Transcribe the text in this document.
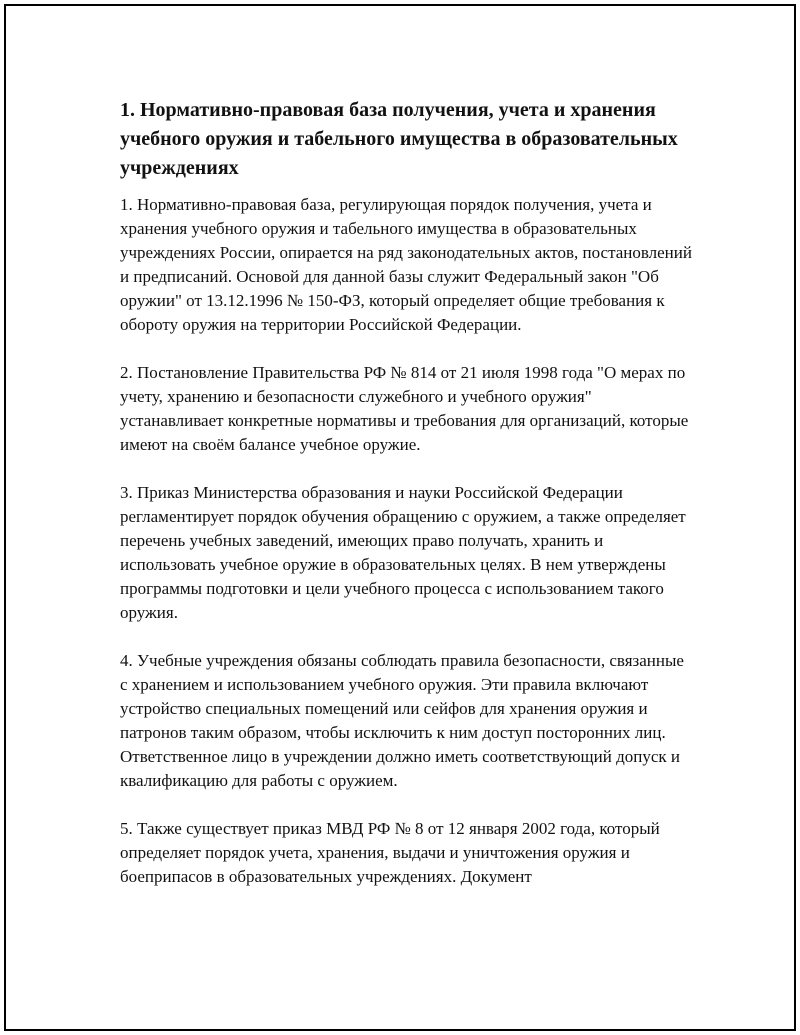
1. Нормативно-правовая база получения, учета и хранения учебного оружия и табельного имущества в образовательных учреждениях

1. Нормативно-правовая база, регулирующая порядок получения, учета и хранения учебного оружия и табельного имущества в образовательных учреждениях России, опирается на ряд законодательных актов, постановлений и предписаний. Основой для данной базы служит Федеральный закон "Об оружии" от 13.12.1996 № 150-ФЗ, который определяет общие требования к обороту оружия на территории Российской Федерации.

2. Постановление Правительства РФ № 814 от 21 июля 1998 года "О мерах по учету, хранению и безопасности служебного и учебного оружия" устанавливает конкретные нормативы и требования для организаций, которые имеют на своём балансе учебное оружие.

3. Приказ Министерства образования и науки Российской Федерации регламентирует порядок обучения обращению с оружием, а также определяет перечень учебных заведений, имеющих право получать, хранить и использовать учебное оружие в образовательных целях. В нем утверждены программы подготовки и цели учебного процесса с использованием такого оружия.

4. Учебные учреждения обязаны соблюдать правила безопасности, связанные с хранением и использованием учебного оружия. Эти правила включают устройство специальных помещений или сейфов для хранения оружия и патронов таким образом, чтобы исключить к ним доступ посторонних лиц. Ответственное лицо в учреждении должно иметь соответствующий допуск и квалификацию для работы с оружием.

5. Также существует приказ МВД РФ № 8 от 12 января 2002 года, который определяет порядок учета, хранения, выдачи и уничтожения оружия и боеприпасов в образовательных учреждениях. Документ
